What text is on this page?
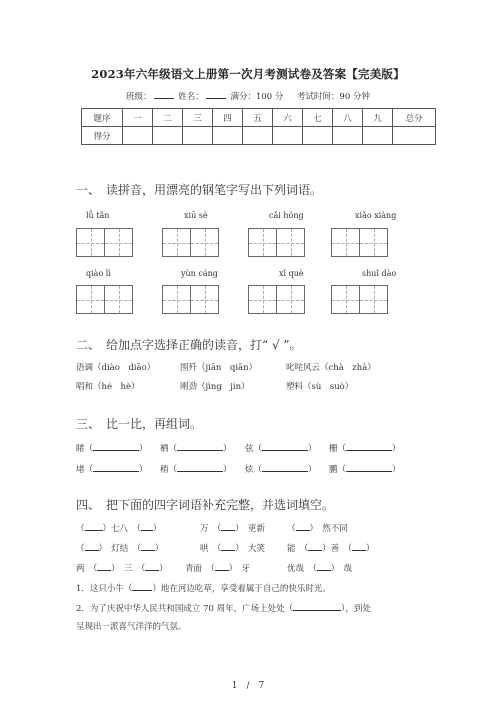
2023年六年级语文上册第一次月考测试卷及答案【完美版】
班级：	姓名：	满分：100 分 考试时间：90 分钟
题序	一	二	三	四	五	六	七	八	九	总分
得分										
一、　读拼音，用漂亮的钢笔字写出下列词语。
lǚ tǎn	xiū sè	cǎi hóng	xiǎo xiàng
qiào lì	yùn cáng	xǐ què	shuǐ dào
二、　给加点字选择正确的读音，打“ √ ”。
语调（diào　diāo）	围歼（jiān　qiān）	叱咤风云（chà　zhà）
唱和（hé　hè）	刚劲（jìng　jìn）	塑料（sù　suò）
三、　比一比，再组词。
睹（	） 栖（	） 弦（	） 栅（	）
堵（	） 稍（	） 炫（	） 鹏（	）
四、　把下面的四字词语补充完整，并选词填空。
（ ）七八　（ ）	万　（ ）　更新	（ ）　然不同
（ ）　灯结　（ ）	哄　（ ）　大笑	能　（ ）善　（ ）
两　（ ）　三　（ ） 青面　（ ）　牙	优哉　（ ）　哉
1．这只小牛（ ）地在河边吃草，享受着属于自己的快乐时光。
2．为了庆祝中华人民共和国成立 70 周年，广场上处处（	），到处
呈现出一派喜气洋洋的气氛。
1　/　7
